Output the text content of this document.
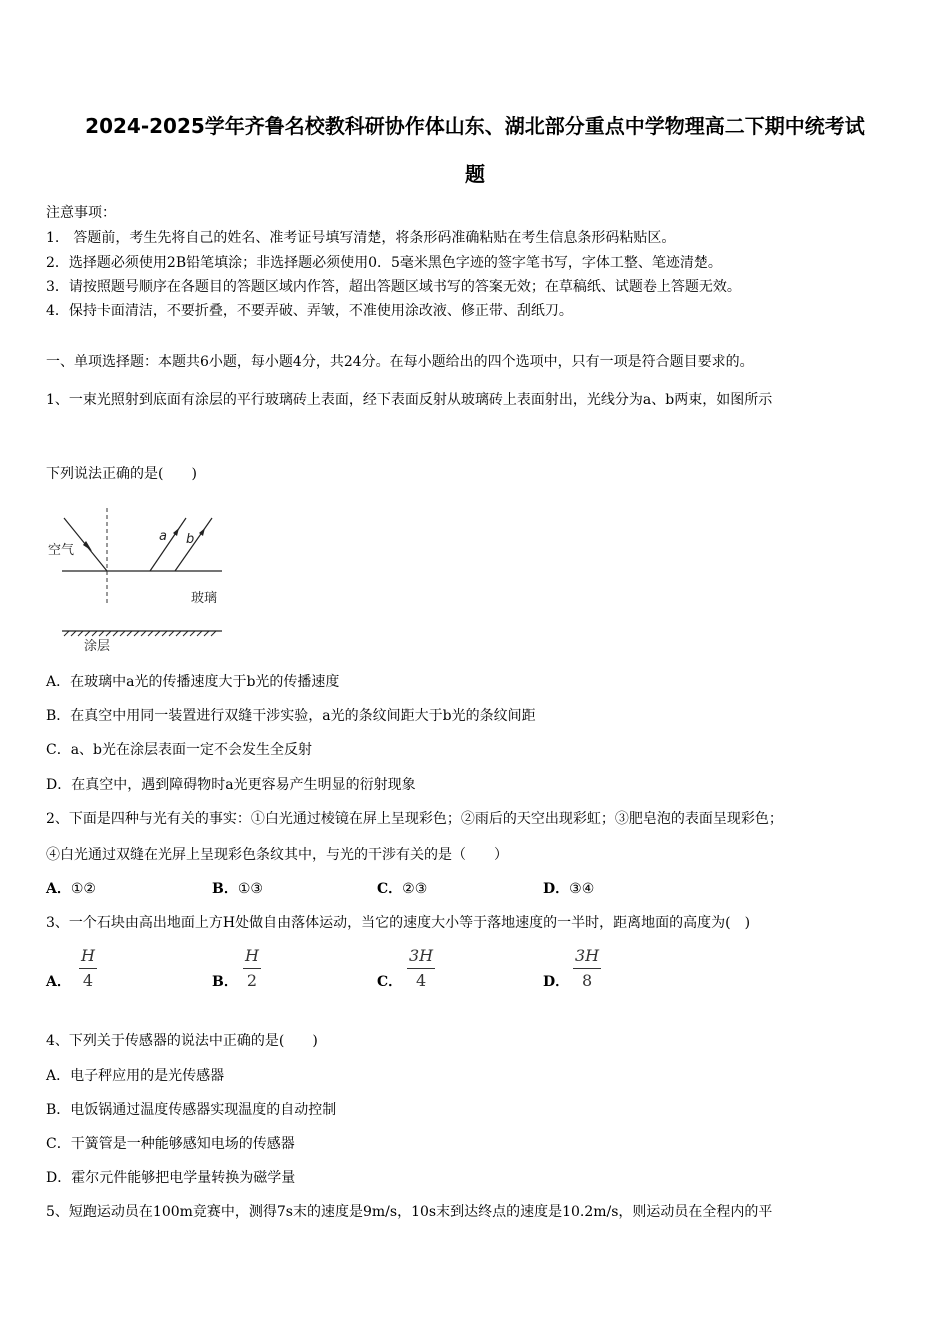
2024-2025学年齐鲁名校教科研协作体山东、湖北部分重点中学物理高二下期中统考试
题
注意事项：
1.　答题前，考生先将自己的姓名、准考证号填写清楚，将条形码准确粘贴在考生信息条形码粘贴区。
2．选择题必须使用2B铅笔填涂；非选择题必须使用0．5毫米黑色字迹的签字笔书写，字体工整、笔迹清楚。
3．请按照题号顺序在各题目的答题区域内作答，超出答题区域书写的答案无效；在草稿纸、试题卷上答题无效。
4．保持卡面清洁，不要折叠，不要弄破、弄皱，不准使用涂改液、修正带、刮纸刀。
一、单项选择题：本题共6小题，每小题4分，共24分。在每小题给出的四个选项中，只有一项是符合题目要求的。
1、一束光照射到底面有涂层的平行玻璃砖上表面，经下表面反射从玻璃砖上表面射出，光线分为a、b两束，如图所示
下列说法正确的是(　　)
空气
a b
玻璃
涂层
A．在玻璃中a光的传播速度大于b光的传播速度
B．在真空中用同一装置进行双缝干涉实验，a光的条纹间距大于b光的条纹间距
C．a、b光在涂层表面一定不会发生全反射
D．在真空中，遇到障碍物时a光更容易产生明显的衍射现象
2、下面是四种与光有关的事实：①白光通过棱镜在屏上呈现彩色；②雨后的天空出现彩虹；③肥皂泡的表面呈现彩色；
④白光通过双缝在光屏上呈现彩色条纹其中，与光的干涉有关的是（　　）
A．①②	B．①③	C．②③	D．③④
3、一个石块由高出地面上方H处做自由落体运动，当它的速度大小等于落地速度的一半时，距离地面的高度为(　)
A．	B．	C．	D．
H
4
H
2
3H
4
3H
8
4、下列关于传感器的说法中正确的是(　　)
A．电子秤应用的是光传感器
B．电饭锅通过温度传感器实现温度的自动控制
C．干簧管是一种能够感知电场的传感器
D．霍尔元件能够把电学量转换为磁学量
5、短跑运动员在100m竞赛中，测得7s末的速度是9m/s，10s末到达终点的速度是10.2m/s，则运动员在全程内的平
